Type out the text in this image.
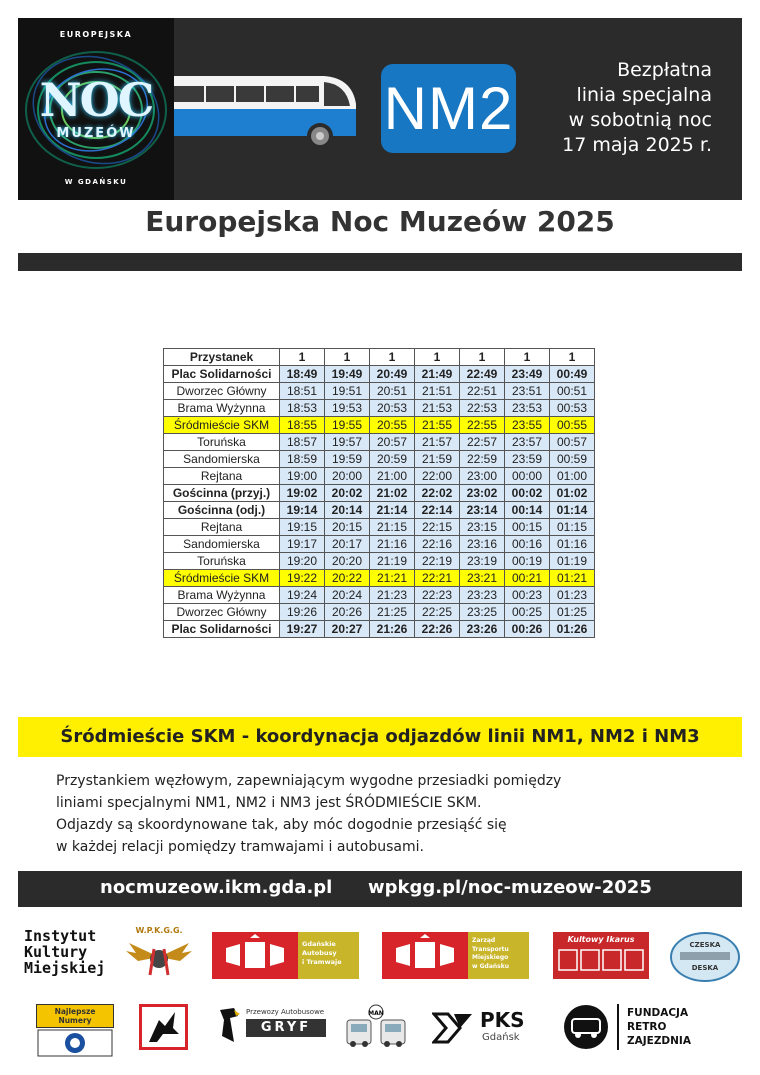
EUROPEJSKA
NOC
MUZEÓW
W GDAŃSKU
NM2
Bezpłatna
linia specjalna
w sobotnią noc
17 maja 2025 r.
Europejska Noc Muzeów 2025
Przystanek	1	1	1	1	1	1	1
Plac Solidarności	18:49	19:49	20:49	21:49	22:49	23:49	00:49
Dworzec Główny	18:51	19:51	20:51	21:51	22:51	23:51	00:51
Brama Wyżynna	18:53	19:53	20:53	21:53	22:53	23:53	00:53
Śródmieście SKM	18:55	19:55	20:55	21:55	22:55	23:55	00:55
Toruńska	18:57	19:57	20:57	21:57	22:57	23:57	00:57
Sandomierska	18:59	19:59	20:59	21:59	22:59	23:59	00:59
Rejtana	19:00	20:00	21:00	22:00	23:00	00:00	01:00
Gościnna (przyj.)	19:02	20:02	21:02	22:02	23:02	00:02	01:02
Gościnna (odj.)	19:14	20:14	21:14	22:14	23:14	00:14	01:14
Rejtana	19:15	20:15	21:15	22:15	23:15	00:15	01:15
Sandomierska	19:17	20:17	21:16	22:16	23:16	00:16	01:16
Toruńska	19:20	20:20	21:19	22:19	23:19	00:19	01:19
Śródmieście SKM	19:22	20:22	21:21	22:21	23:21	00:21	01:21
Brama Wyżynna	19:24	20:24	21:23	22:23	23:23	00:23	01:23
Dworzec Główny	19:26	20:26	21:25	22:25	23:25	00:25	01:25
Plac Solidarności	19:27	20:27	21:26	22:26	23:26	00:26	01:26
Śródmieście SKM - koordynacja odjazdów linii NM1, NM2 i NM3

Przystankiem węzłowym, zapewniającym wygodne przesiadki pomiędzy

liniami specjalnymi NM1, NM2 i NM3 jest ŚRÓDMIEŚCIE SKM.

Odjazdy są skoordynowane tak, aby móc dogodnie przesiąść się

w każdej relacji pomiędzy tramwajami i autobusami.

nocmuzeow.ikm.gda.pl wpkgg.pl/noc-muzeow-2025
Instytut
Kultury
Miejskiej
W.P.K.G.G.
Gdańskie
Autobusy
i Tramwaje
Zarząd
Transportu
Miejskiego
w Gdańsku
Kultowy Ikarus
CZESKA
DESKA
Najlepsze Numery
Przewozy Autobusowe
GRYF
MAN	PKS
Gdańsk
FUNDACJA
RETRO
ZAJEZDNIA
